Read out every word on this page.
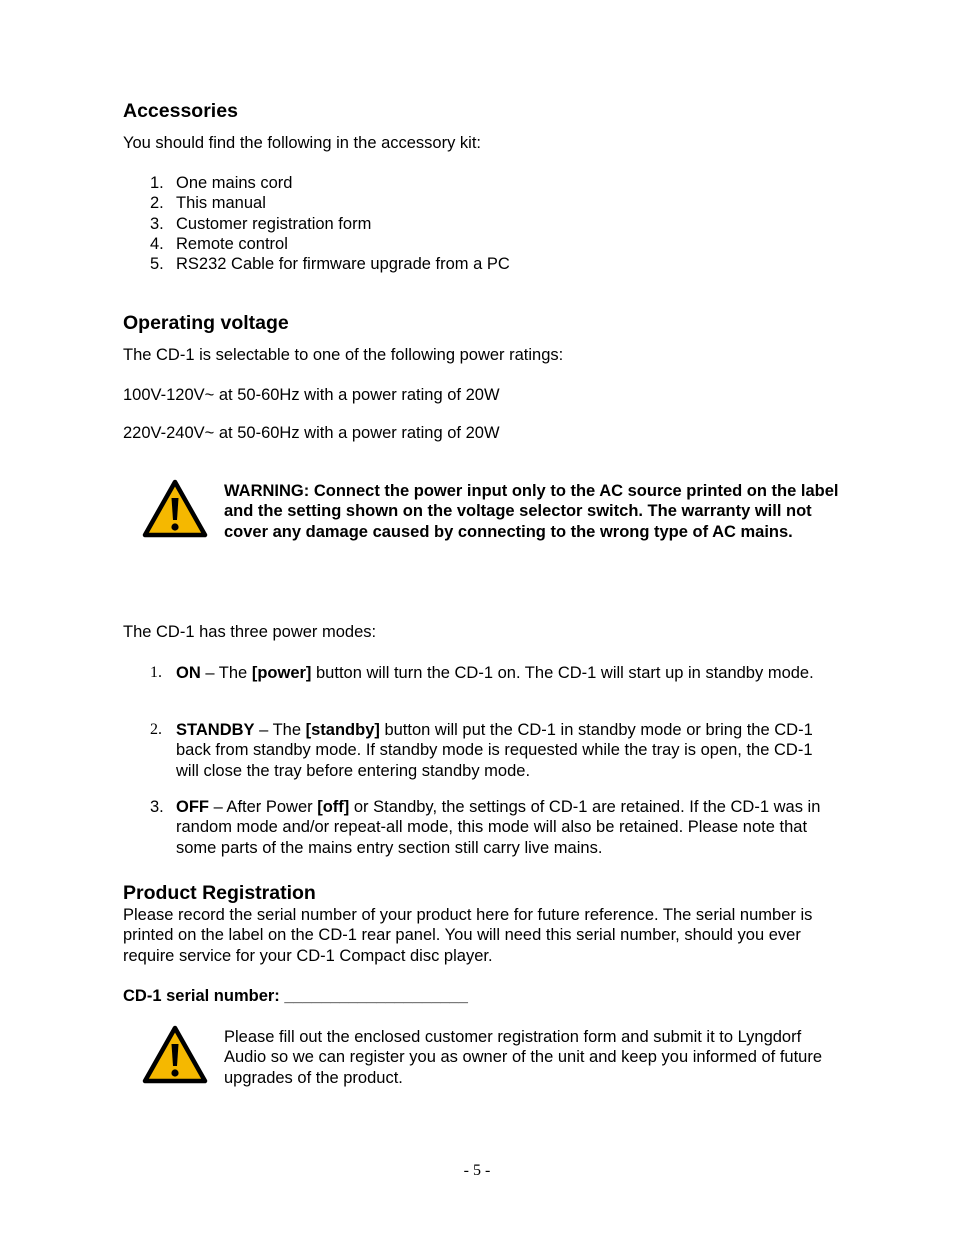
Accessories

You should find the following in the accessory kit:

1. One mains cord
2. This manual
3. Customer registration form
4. Remote control
5. RS232 Cable for firmware upgrade from a PC
Operating voltage

The CD-1 is selectable to one of the following power ratings:

100V-120V~ at 50-60Hz with a power rating of 20W

220V-240V~ at 50-60Hz with a power rating of 20W

WARNING: Connect the power input only to the AC source printed on the label and the setting shown on the voltage selector switch. The warranty will not cover any damage caused by connecting to the wrong type of AC mains.

The CD-1 has three power modes:

1. ON – The [power] button will turn the CD-1 on. The CD-1 will start up in standby mode.
2. STANDBY – The [standby] button will put the CD-1 in standby mode or bring the CD-1 back from standby mode. If standby mode is requested while the tray is open, the CD-1 will close the tray before entering standby mode.
3. OFF – After Power [off] or Standby, the settings of CD-1 are retained. If the CD-1 was in random mode and/or repeat-all mode, this mode will also be retained. Please note that some parts of the mains entry section still carry live mains.
Product Registration

Please record the serial number of your product here for future reference. The serial number is printed on the label on the CD-1 rear panel. You will need this serial number, should you ever require service for your CD-1 Compact disc player.

CD-1 serial number: ____________________

Please fill out the enclosed customer registration form and submit it to Lyngdorf Audio so we can register you as owner of the unit and keep you informed of future upgrades of the product.

- 5 -
